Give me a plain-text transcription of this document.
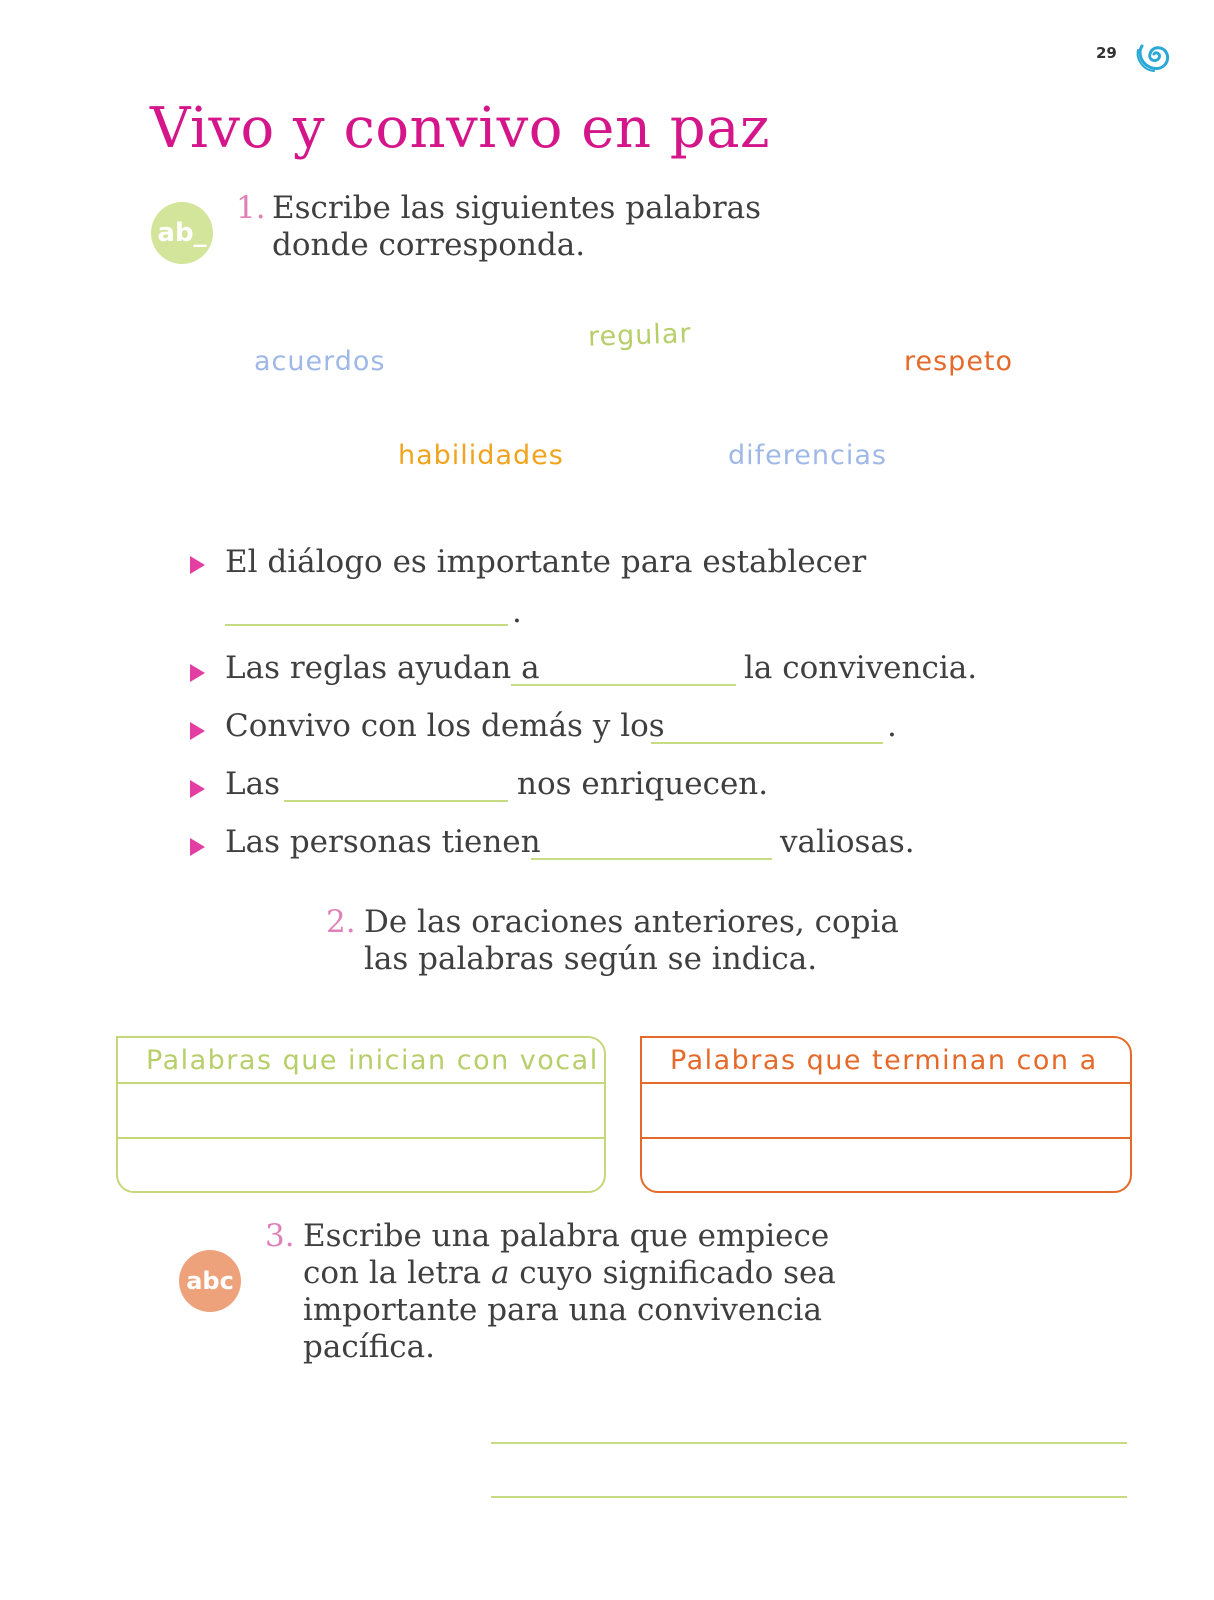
29
Vivo y convivo en paz
ab_
1. Escribe las siguientes palabras
donde corresponda.
acuerdos
regular
respeto
habilidades	diferencias
El diálogo es importante para establecer
.
Las reglas ayudan a	la convivencia.
Convivo con los demás y los	.
Las	nos enriquecen.
Las personas tienen	valiosas.
2. De las oraciones anteriores, copia
las palabras según se indica.
Palabras que inician con vocal	Palabras que terminan con a
abc
3. Escribe una palabra que empiece
con la letra a cuyo significado sea
importante para una convivencia
pacífica.
